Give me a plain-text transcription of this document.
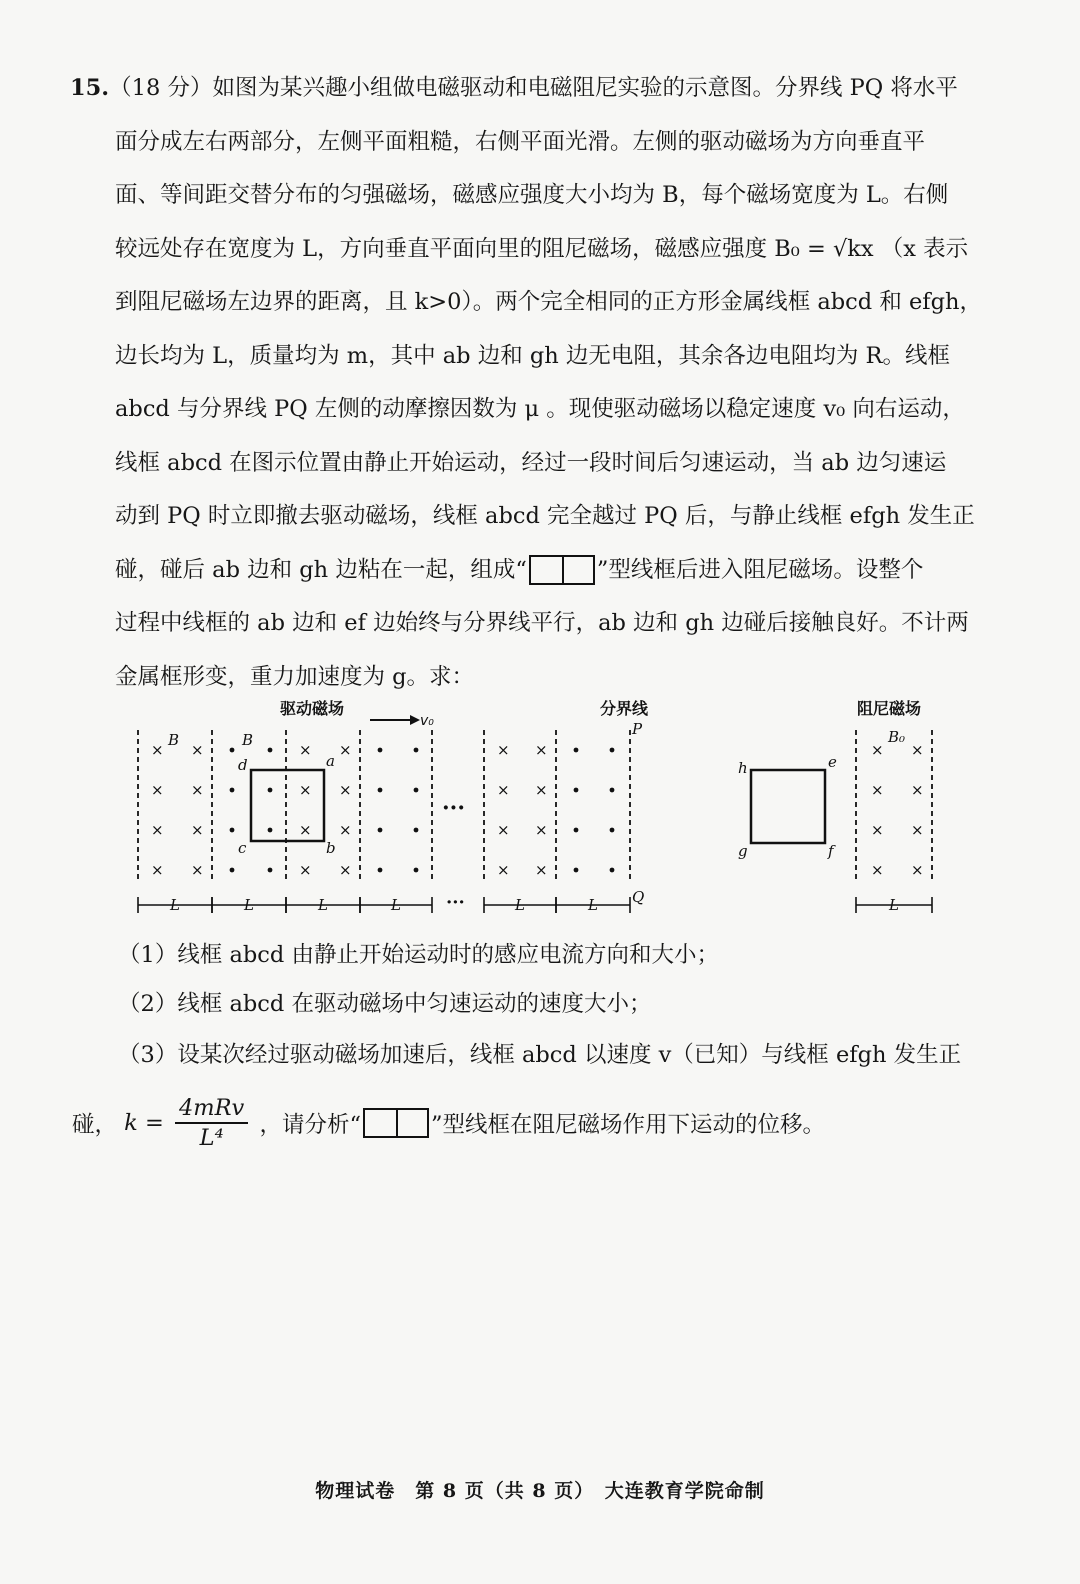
15.（18 分）如图为某兴趣小组做电磁驱动和电磁阻尼实验的示意图。分界线 PQ 将水平
面分成左右两部分，左侧平面粗糙，右侧平面光滑。左侧的驱动磁场为方向垂直平
面、等间距交替分布的匀强磁场，磁感应强度大小均为 B，每个磁场宽度为 L。右侧
较远处存在宽度为 L，方向垂直平面向里的阻尼磁场，磁感应强度 B₀ = √kx （x 表示
到阻尼磁场左边界的距离，且 k>0）。两个完全相同的正方形金属线框 abcd 和 efgh，
边长均为 L，质量均为 m，其中 ab 边和 gh 边无电阻，其余各边电阻均为 R。线框
abcd 与分界线 PQ 左侧的动摩擦因数为 μ 。现使驱动磁场以稳定速度 v₀ 向右运动，
线框 abcd 在图示位置由静止开始运动，经过一段时间后匀速运动，当 ab 边匀速运
动到 PQ 时立即撤去驱动磁场，线框 abcd 完全越过 PQ 后，与静止线框 efgh 发生正
碰，碰后 ab 边和 gh 边粘在一起，组成“	”型线框后进入阻尼磁场。设整个
过程中线框的 ab 边和 ef 边始终与分界线平行，ab 边和 gh 边碰后接触良好。不计两
金属框形变，重力加速度为 g。求：
驱动磁场
v₀
分界线	阻尼磁场
× ×
× ×
× ×
× ×
× ×
× ×
× ×
× ×
× ×
× ×
× ×
× ×
× ×
× ×
× ×
× ×
B	B
P
Q
B₀
···
···
a
b
c
d	e
f
g
h
L	L	L	L	L	L	L
（1）线框 abcd 由静止开始运动时的感应电流方向和大小；
（2）线框 abcd 在驱动磁场中匀速运动的速度大小；
（3）设某次经过驱动磁场加速后，线框 abcd 以速度 v（已知）与线框 efgh 发生正
碰， $k = \frac{\text{4mRv}}{\text{L⁴}}$ ，请分析“	”型线框在阻尼磁场作用下运动的位移。
物理试卷　第 8 页（共 8 页）　大连教育学院命制
